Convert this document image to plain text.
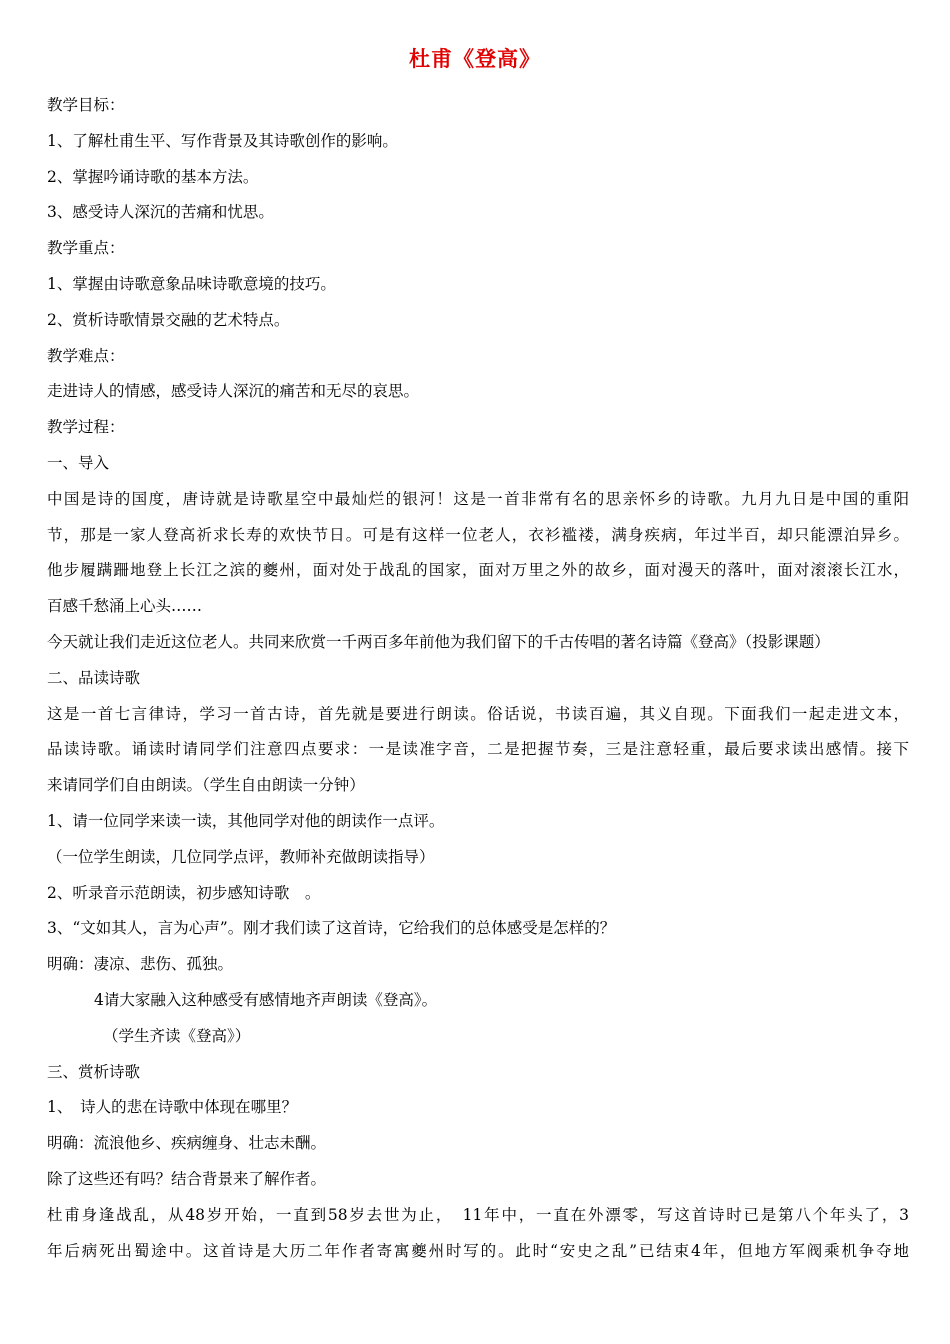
杜甫《登高》
教学目标：
1、了解杜甫生平、写作背景及其诗歌创作的影响。
2、掌握吟诵诗歌的基本方法。
3、感受诗人深沉的苦痛和忧思。
教学重点：
1、掌握由诗歌意象品味诗歌意境的技巧。
2、赏析诗歌情景交融的艺术特点。
教学难点：
走进诗人的情感，感受诗人深沉的痛苦和无尽的哀思。
教学过程：
一、导入
中国是诗的国度，唐诗就是诗歌星空中最灿烂的银河！这是一首非常有名的思亲怀乡的诗歌。九月九日是中国的重阳
节，那是一家人登高祈求长寿的欢快节日。可是有这样一位老人，衣衫褴褛，满身疾病，年过半百，却只能漂泊异乡。
他步履蹒跚地登上长江之滨的夔州，面对处于战乱的国家，面对万里之外的故乡，面对漫天的落叶，面对滚滚长江水，
百感千愁涌上心头……
今天就让我们走近这位老人。共同来欣赏一千两百多年前他为我们留下的千古传唱的著名诗篇《登高》（投影课题）
二、品读诗歌
这是一首七言律诗，学习一首古诗，首先就是要进行朗读。俗话说，书读百遍，其义自现。下面我们一起走进文本，
品读诗歌。诵读时请同学们注意四点要求：一是读准字音，二是把握节奏，三是注意轻重，最后要求读出感情。接下
来请同学们自由朗读。（学生自由朗读一分钟）
1、请一位同学来读一读，其他同学对他的朗读作一点评。
（一位学生朗读，几位同学点评，教师补充做朗读指导）
2、听录音示范朗读，初步感知诗歌　。
3、“文如其人，言为心声”。刚才我们读了这首诗，它给我们的总体感受是怎样的？
明确：凄凉、悲伤、孤独。
4请大家融入这种感受有感情地齐声朗读《登高》。
（学生齐读《登高》）
三、赏析诗歌
1、　诗人的悲在诗歌中体现在哪里？
明确：流浪他乡、疾病缠身、壮志未酬。
除了这些还有吗？结合背景来了解作者。
杜甫身逢战乱，从48岁开始，一直到58岁去世为止，　11年中，一直在外漂零，写这首诗时已是第八个年头了，3
年后病死出蜀途中。这首诗是大历二年作者寄寓夔州时写的。此时“安史之乱”已结束4年，但地方军阀乘机争夺地
